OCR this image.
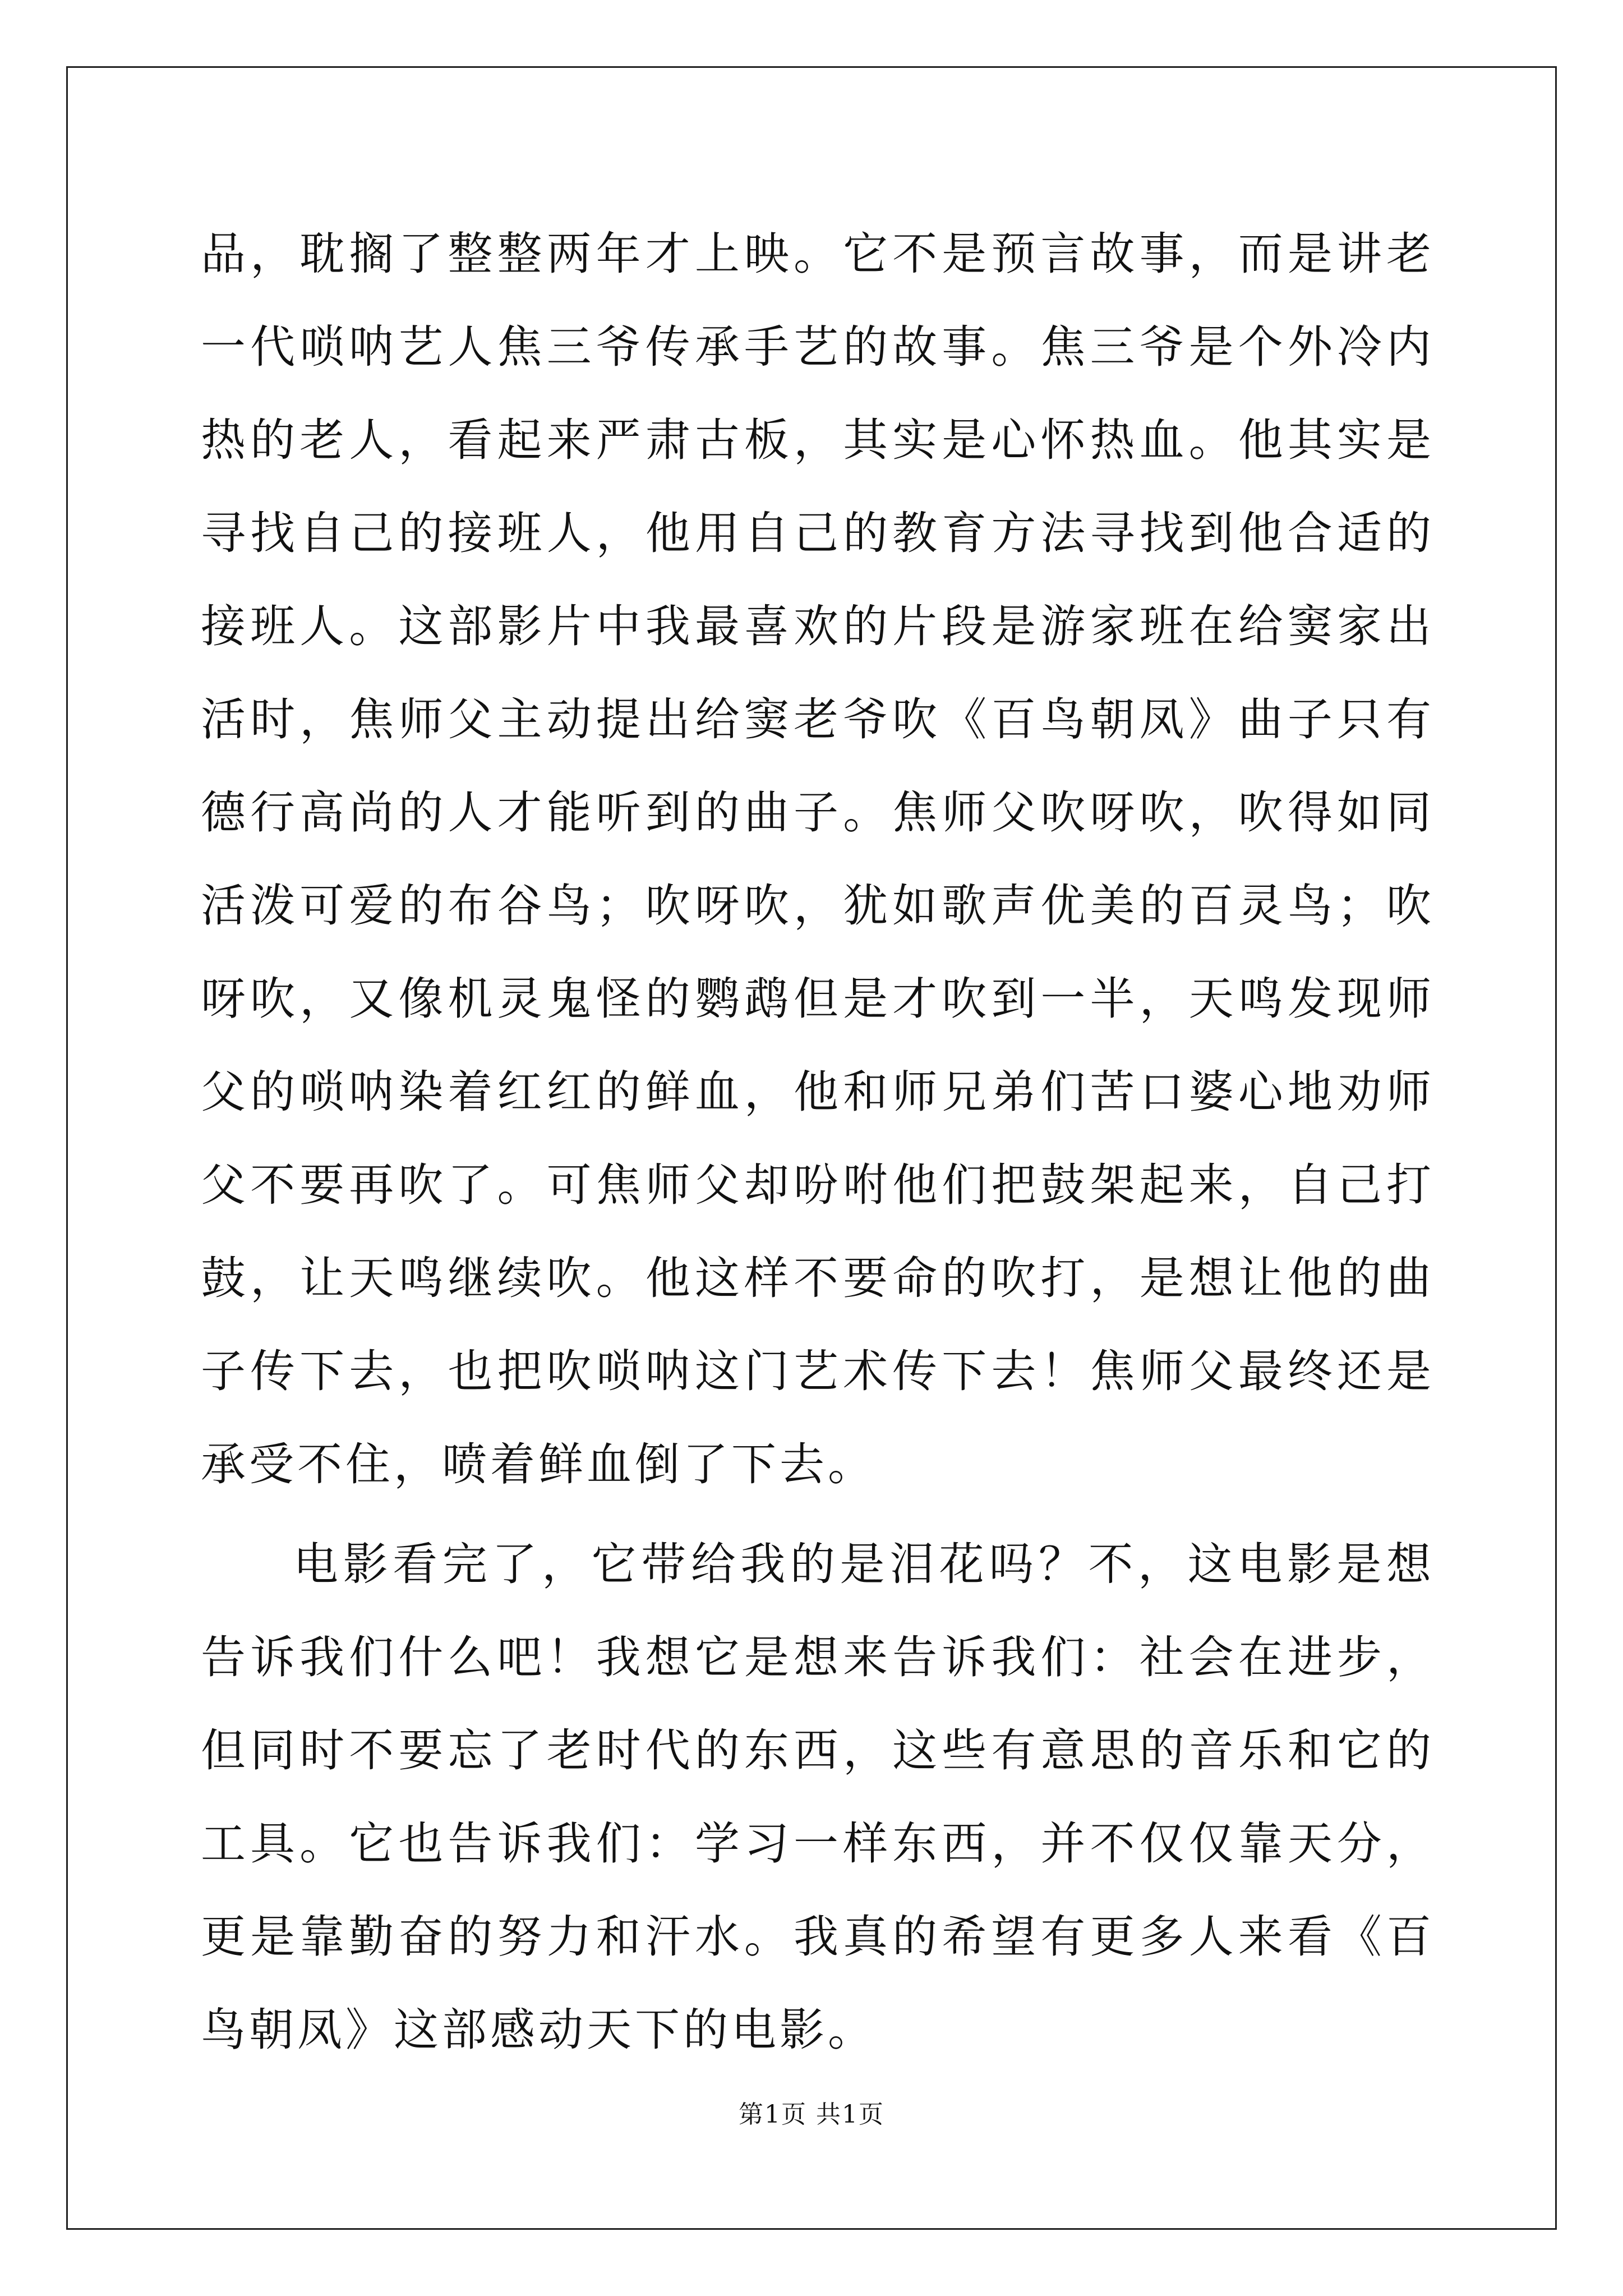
品，耽搁了整整两年才上映。它不是预言故事，而是讲老一代唢呐艺人焦三爷传承手艺的故事。焦三爷是个外冷内热的老人，看起来严肃古板，其实是心怀热血。他其实是寻找自己的接班人，他用自己的教育方法寻找到他合适的接班人。这部影片中我最喜欢的片段是游家班在给窦家出活时，焦师父主动提出给窦老爷吹《百鸟朝凤》曲子只有德行高尚的人才能听到的曲子。焦师父吹呀吹，吹得如同活泼可爱的布谷鸟；吹呀吹，犹如歌声优美的百灵鸟；吹呀吹，又像机灵鬼怪的鹦鹉但是才吹到一半，天鸣发现师父的唢呐染着红红的鲜血，他和师兄弟们苦口婆心地劝师父不要再吹了。可焦师父却吩咐他们把鼓架起来，自己打鼓，让天鸣继续吹。他这样不要命的吹打，是想让他的曲子传下去，也把吹唢呐这门艺术传下去！焦师父最终还是承受不住，喷着鲜血倒了下去。

电影看完了，它带给我的是泪花吗？不，这电影是想告诉我们什么吧！我想它是想来告诉我们：社会在进步，但同时不要忘了老时代的东西，这些有意思的音乐和它的工具。它也告诉我们：学习一样东西，并不仅仅靠天分，更是靠勤奋的努力和汗水。我真的希望有更多人来看《百鸟朝凤》这部感动天下的电影。

第1页 共1页
